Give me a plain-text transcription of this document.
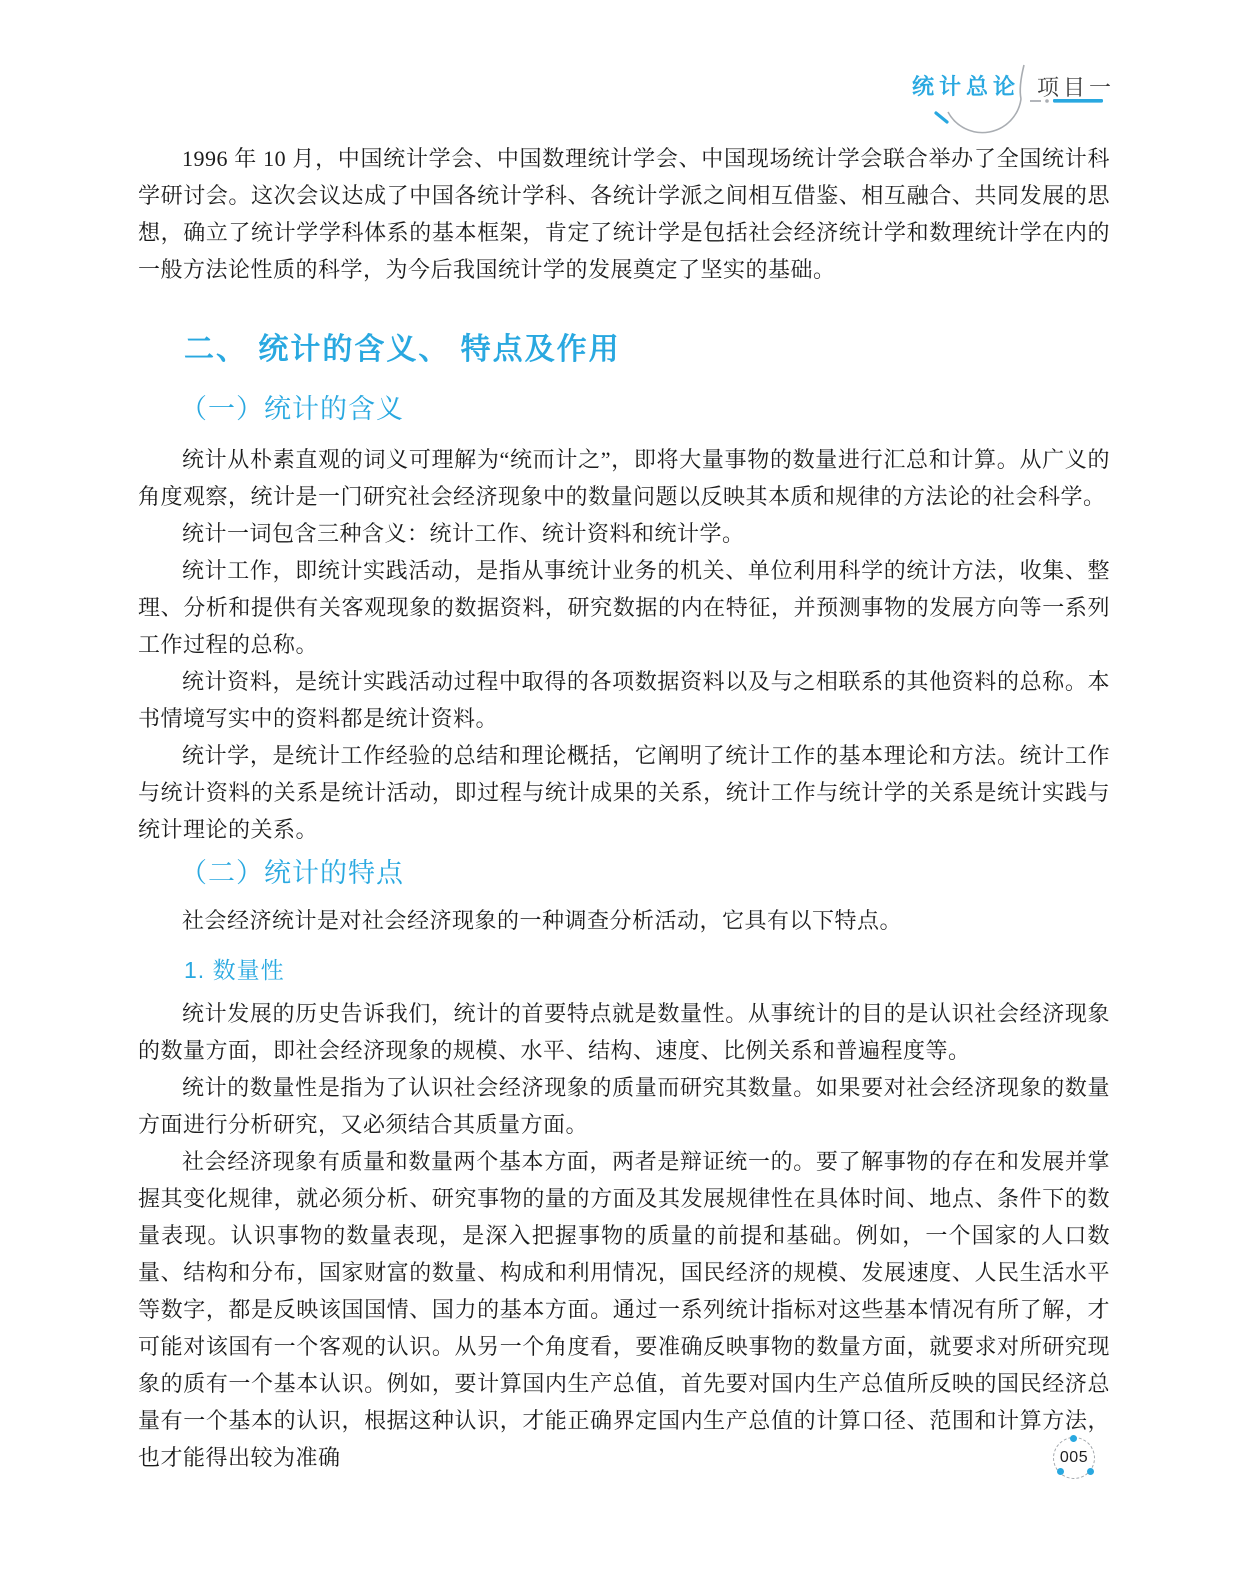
统计总论 项目一

1996 年 10 月，中国统计学会、中国数理统计学会、中国现场统计学会联合举办了全国统计科学研讨会。这次会议达成了中国各统计学科、各统计学派之间相互借鉴、相互融合、共同发展的思想，确立了统计学学科体系的基本框架，肯定了统计学是包括社会经济统计学和数理统计学在内的一般方法论性质的科学，为今后我国统计学的发展奠定了坚实的基础。

二、 统计的含义、 特点及作用
（一）统计的含义

统计从朴素直观的词义可理解为“统而计之”，即将大量事物的数量进行汇总和计算。从广义的角度观察，统计是一门研究社会经济现象中的数量问题以反映其本质和规律的方法论的社会科学。

统计一词包含三种含义：统计工作、统计资料和统计学。

统计工作，即统计实践活动，是指从事统计业务的机关、单位利用科学的统计方法，收集、整理、分析和提供有关客观现象的数据资料，研究数据的内在特征，并预测事物的发展方向等一系列工作过程的总称。

统计资料，是统计实践活动过程中取得的各项数据资料以及与之相联系的其他资料的总称。本书情境写实中的资料都是统计资料。

统计学，是统计工作经验的总结和理论概括，它阐明了统计工作的基本理论和方法。统计工作与统计资料的关系是统计活动，即过程与统计成果的关系，统计工作与统计学的关系是统计实践与统计理论的关系。

（二）统计的特点

社会经济统计是对社会经济现象的一种调查分析活动，它具有以下特点。

1. 数量性

统计发展的历史告诉我们，统计的首要特点就是数量性。从事统计的目的是认识社会经济现象的数量方面，即社会经济现象的规模、水平、结构、速度、比例关系和普遍程度等。

统计的数量性是指为了认识社会经济现象的质量而研究其数量。如果要对社会经济现象的数量方面进行分析研究，又必须结合其质量方面。

社会经济现象有质量和数量两个基本方面，两者是辩证统一的。要了解事物的存在和发展并掌握其变化规律，就必须分析、研究事物的量的方面及其发展规律性在具体时间、地点、条件下的数量表现。认识事物的数量表现，是深入把握事物的质量的前提和基础。例如，一个国家的人口数量、结构和分布，国家财富的数量、构成和利用情况，国民经济的规模、发展速度、人民生活水平等数字，都是反映该国国情、国力的基本方面。通过一系列统计指标对这些基本情况有所了解，才可能对该国有一个客观的认识。从另一个角度看，要准确反映事物的数量方面，就要求对所研究现象的质有一个基本认识。例如，要计算国内生产总值，首先要对国内生产总值所反映的国民经济总量有一个基本的认识，根据这种认识，才能正确界定国内生产总值的计算口径、范围和计算方法，也才能得出较为准确	005
